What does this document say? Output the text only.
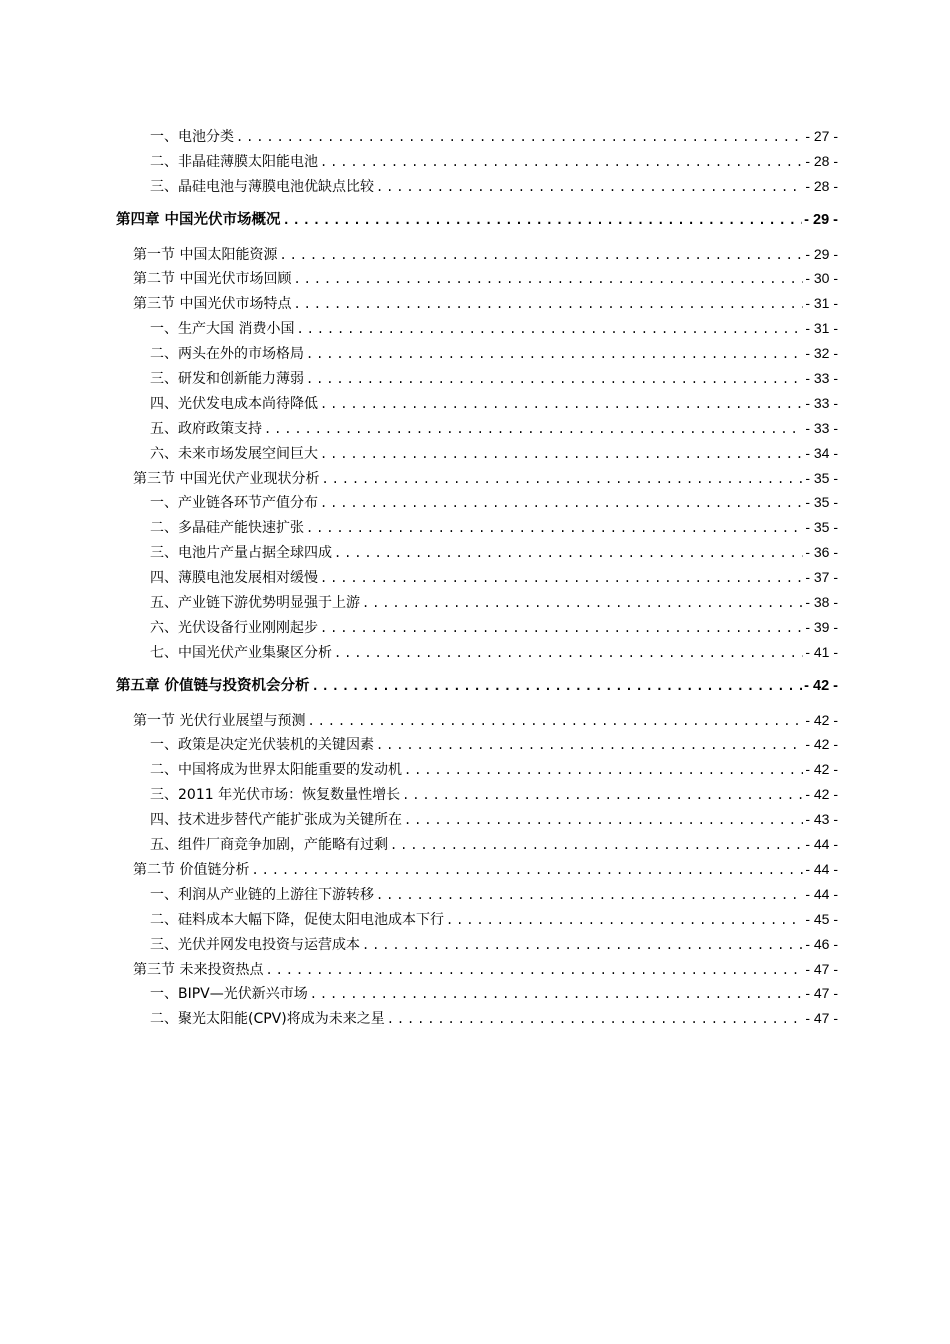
一、电池分类 .....	- 27 -
二、非晶硅薄膜太阳能电池 .....	- 28 -
三、晶硅电池与薄膜电池优缺点比较 .....	- 28 -
第四章 中国光伏市场概况 .....	- 29 -
第一节 中国太阳能资源 .....	- 29 -
第二节 中国光伏市场回顾 .....	- 30 -
第三节 中国光伏市场特点 .....	- 31 -
一、生产大国 消费小国 .....	- 31 -
二、两头在外的市场格局 .....	- 32 -
三、研发和创新能力薄弱 .....	- 33 -
四、光伏发电成本尚待降低 .....	- 33 -
五、政府政策支持 .....	- 33 -
六、未来市场发展空间巨大 .....	- 34 -
第三节 中国光伏产业现状分析 .....	- 35 -
一、产业链各环节产值分布 .....	- 35 -
二、多晶硅产能快速扩张 .....	- 35 -
三、电池片产量占据全球四成 .....	- 36 -
四、薄膜电池发展相对缓慢 .....	- 37 -
五、产业链下游优势明显强于上游 .....	- 38 -
六、光伏设备行业刚刚起步 .....	- 39 -
七、中国光伏产业集聚区分析 .....	- 41 -
第五章 价值链与投资机会分析 .....	- 42 -
第一节 光伏行业展望与预测 .....	- 42 -
一、政策是决定光伏装机的关键因素 .....	- 42 -
二、中国将成为世界太阳能重要的发动机 .....	- 42 -
三、2011 年光伏市场：恢复数量性增长 .....	- 42 -
四、技术进步替代产能扩张成为关键所在 .....	- 43 -
五、组件厂商竞争加剧，产能略有过剩 .....	- 44 -
第二节 价值链分析 .....	- 44 -
一、利润从产业链的上游往下游转移 .....	- 44 -
二、硅料成本大幅下降，促使太阳电池成本下行 .....	- 45 -
三、光伏并网发电投资与运营成本 .....	- 46 -
第三节 未来投资热点 .....	- 47 -
一、BIPV—光伏新兴市场 .....	- 47 -
二、聚光太阳能(CPV)将成为未来之星 .....	- 47 -
